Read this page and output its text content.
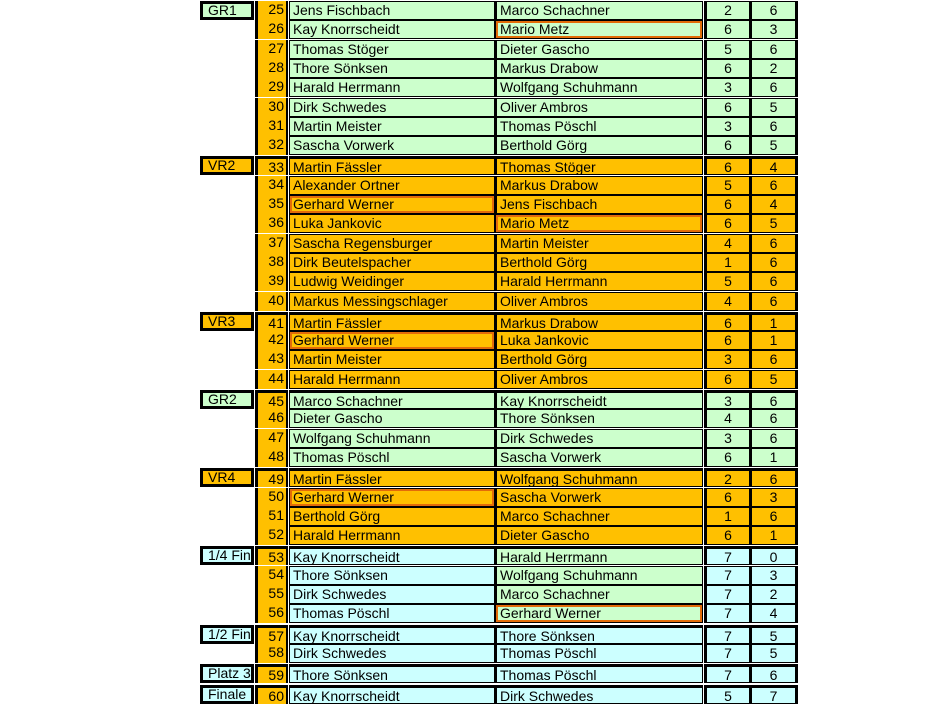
GR1	25 Jens Fischbach	Marco Schachner	2	6
26 Kay Knorrscheidt	Mario Metz	6	3
27 Thomas Stöger	Dieter Gascho	5	6
28 Thore Sönksen	Markus Drabow	6	2
29 Harald Herrmann	Wolfgang Schuhmann	3	6
30 Dirk Schwedes	Oliver Ambros	6	5
31 Martin Meister	Thomas Pöschl	3	6
32 Sascha Vorwerk	Berthold Görg	6	5
VR2	33 Martin Fässler	Thomas Stöger	6	4
34 Alexander Ortner	Markus Drabow	5	6
35 Gerhard Werner	Jens Fischbach	6	4
36 Luka Jankovic	Mario Metz	6	5
37 Sascha Regensburger	Martin Meister	4	6
38 Dirk Beutelspacher	Berthold Görg	1	6
39 Ludwig Weidinger	Harald Herrmann	5	6
40 Markus Messingschlager	Oliver Ambros	4	6
VR3	41 Martin Fässler	Markus Drabow	6	1
42 Gerhard Werner	Luka Jankovic	6	1
43 Martin Meister	Berthold Görg	3	6
44 Harald Herrmann	Oliver Ambros	6	5
GR2	45 Marco Schachner	Kay Knorrscheidt	3	6
46 Dieter Gascho	Thore Sönksen	4	6
47 Wolfgang Schuhmann	Dirk Schwedes	3	6
48 Thomas Pöschl	Sascha Vorwerk	6	1
VR4	49 Martin Fässler	Wolfgang Schuhmann	2	6
50 Gerhard Werner	Sascha Vorwerk	6	3
51 Berthold Görg	Marco Schachner	1	6
52 Harald Herrmann	Dieter Gascho	6	1
1/4 Fin	53 Kay Knorrscheidt	Harald Herrmann	7	0
54 Thore Sönksen	Wolfgang Schuhmann	7	3
55 Dirk Schwedes	Marco Schachner	7	2
56 Thomas Pöschl	Gerhard Werner	7	4
1/2 Fin	57 Kay Knorrscheidt	Thore Sönksen	7	5
58 Dirk Schwedes	Thomas Pöschl	7	5
Platz 3	59 Thore Sönksen	Thomas Pöschl	7	6
Finale	60 Kay Knorrscheidt	Dirk Schwedes	5	7
